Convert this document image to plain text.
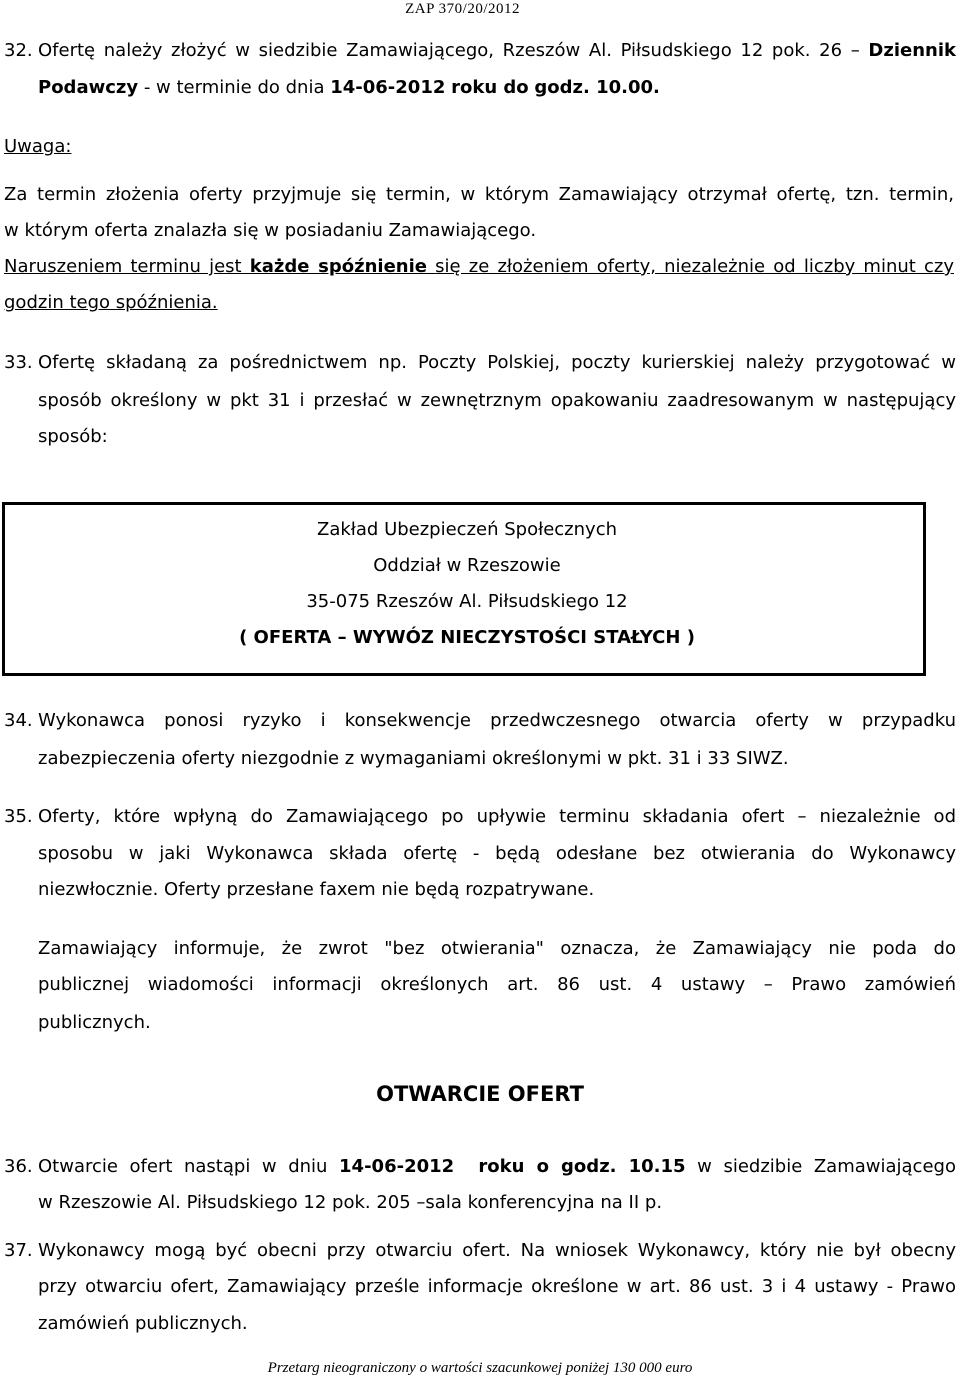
ZAP 370/20/2012
32. Ofertę należy złożyć w siedzibie Zamawiającego, Rzeszów Al. Piłsudskiego 12 pok. 26 – Dziennik
Podawczy - w terminie do dnia 14-06-2012 roku do godz. 10.00.
Uwaga:
Za termin złożenia oferty przyjmuje się termin, w którym Zamawiający otrzymał ofertę, tzn. termin,
w którym oferta znalazła się w posiadaniu Zamawiającego.
Naruszeniem terminu jest każde spóźnienie się ze złożeniem oferty, niezależnie od liczby minut czy
godzin tego spóźnienia.
33. Ofertę składaną za pośrednictwem np. Poczty Polskiej, poczty kurierskiej należy przygotować w
sposób określony w pkt 31 i przesłać w zewnętrznym opakowaniu zaadresowanym w następujący
sposób:
Zakład Ubezpieczeń Społecznych
Oddział w Rzeszowie
35-075 Rzeszów Al. Piłsudskiego 12
( OFERTA – WYWÓZ NIECZYSTOŚCI STAŁYCH )
34. Wykonawca ponosi ryzyko i konsekwencje przedwczesnego otwarcia oferty w przypadku
zabezpieczenia oferty niezgodnie z wymaganiami określonymi w pkt. 31 i 33 SIWZ.
35. Oferty, które wpłyną do Zamawiającego po upływie terminu składania ofert – niezależnie od
sposobu w jaki Wykonawca składa ofertę - będą odesłane bez otwierania do Wykonawcy
niezwłocznie. Oferty przesłane faxem nie będą rozpatrywane.
Zamawiający informuje, że zwrot "bez otwierania" oznacza, że Zamawiający nie poda do
publicznej wiadomości informacji określonych art. 86 ust. 4 ustawy – Prawo zamówień
publicznych.
OTWARCIE OFERT
36. Otwarcie ofert nastąpi w dniu 14-06-2012  roku o godz. 10.15 w siedzibie Zamawiającego
w Rzeszowie Al. Piłsudskiego 12 pok. 205 –sala konferencyjna na II p.
37. Wykonawcy mogą być obecni przy otwarciu ofert. Na wniosek Wykonawcy, który nie był obecny
przy otwarciu ofert, Zamawiający prześle informacje określone w art. 86 ust. 3 i 4 ustawy - Prawo
zamówień publicznych.
Przetarg nieograniczony o wartości szacunkowej poniżej 130 000 euro
